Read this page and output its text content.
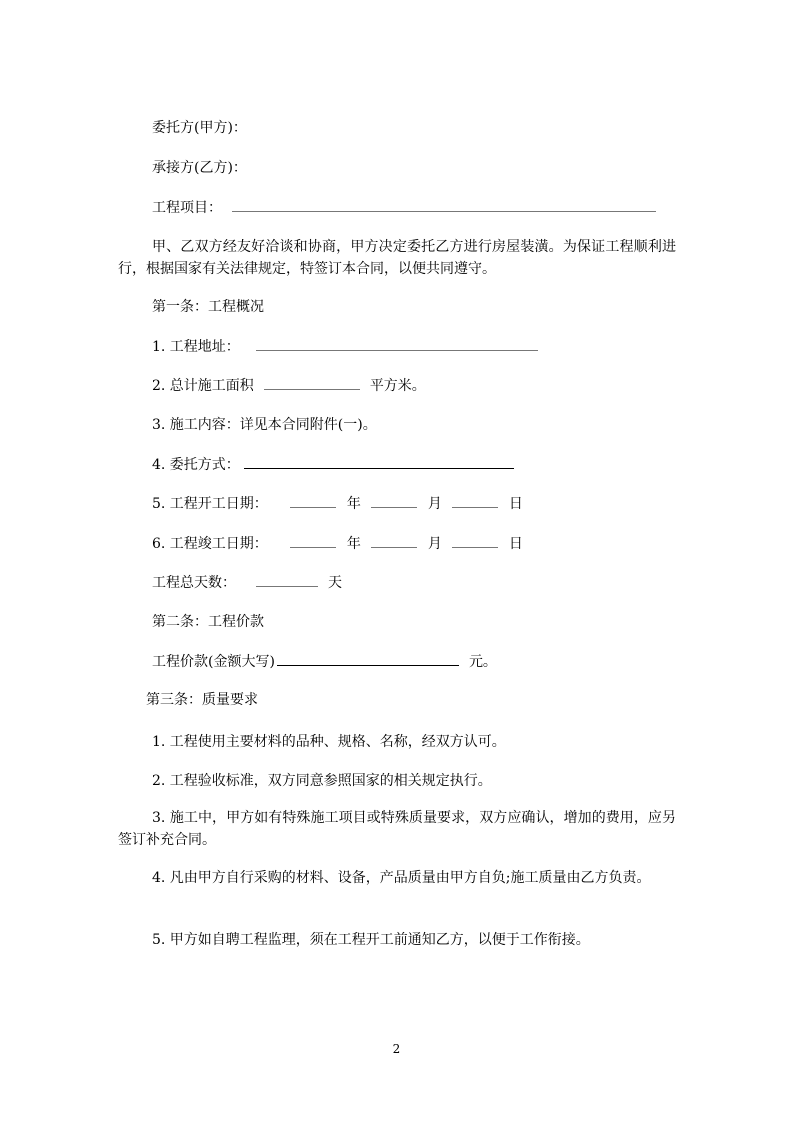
委托方(甲方)：
承接方(乙方)：
工程项目：
甲、乙双方经友好洽谈和协商，甲方决定委托乙方进行房屋装潢。为保证工程顺利进行，根据国家有关法律规定，特签订本合同，以便共同遵守。
第一条：工程概况
1. 工程地址：
2. 总计施工面积	平方米。
3. 施工内容：详见本合同附件(一)。
4. 委托方式：
5. 工程开工日期：	年	月	日
6. 工程竣工日期：	年	月	日
工程总天数：	天
第二条：工程价款
工程价款(金额大写)	元。
第三条：质量要求
1. 工程使用主要材料的品种、规格、名称，经双方认可。
2. 工程验收标准，双方同意参照国家的相关规定执行。
3. 施工中，甲方如有特殊施工项目或特殊质量要求，双方应确认，增加的费用，应另签订补充合同。
4. 凡由甲方自行采购的材料、设备，产品质量由甲方自负;施工质量由乙方负责。
5. 甲方如自聘工程监理，须在工程开工前通知乙方，以便于工作衔接。
2
